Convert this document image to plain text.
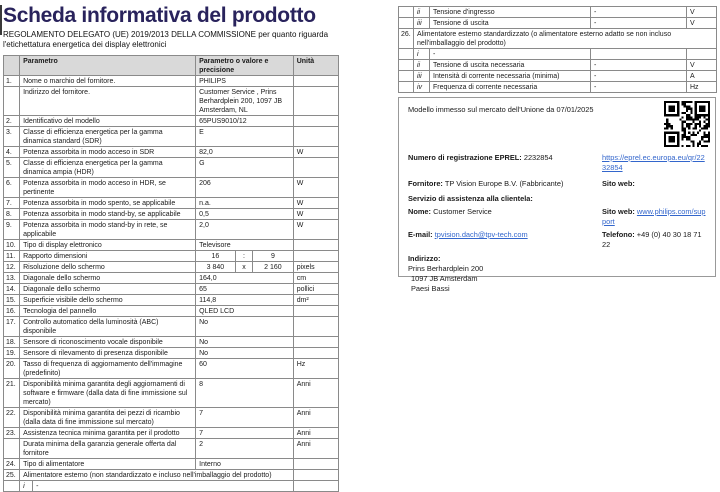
Scheda informativa del prodotto
REGOLAMENTO DELEGATO (UE) 2019/2013 DELLA COMMISSIONE per quanto riguarda l'etichettatura energetica dei display elettronici
	Parametro		Parametro o valore e precisione	Unità
1.	Nome o marchio del fornitore.		PHILIPS	
	Indirizzo del fornitore.		Customer Service , Prins Berhardplein 200, 1097 JB Amsterdam, NL	
2.	Identificativo del modello		65PUS9010/12	
3.	Classe di efficienza energetica per la gamma dinamica standard (SDR)		E	
4.	Potenza assorbita in modo acceso in SDR		82,0	W
5.	Classe di efficienza energetica per la gamma dinamica ampia (HDR)		G	
6.	Potenza assorbita in modo acceso in HDR, se pertinente		206	W
7.	Potenza assorbita in modo spento, se applicabile		n.a.	W
8.	Potenza assorbita in modo stand-by, se applicabile		0,5	W
9.	Potenza assorbita in modo stand-by in rete, se applicabile		2,0	W
10.	Tipo di display elettronico		Televisore	
11.	Rapporto dimensioni		16 : 9	

12.	Risoluzione dello schermo		3 840 x 2 160	pixels
13.	Diagonale dello schermo		164,0	cm
14.	Diagonale dello schermo		65	pollici
15.	Superficie visibile dello schermo		114,8	dm²
16.	Tecnologia del pannello		QLED LCD	
17.	Controllo automatico della luminosità (ABC) disponibile		No	
18.	Sensore di riconoscimento vocale disponibile		No	
19.	Sensore di rilevamento di presenza disponibile		No	
20.	Tasso di frequenza di aggiornamento dell'immagine (predefinito)		60	Hz
21.	Disponibilità minima garantita degli aggiornamenti di software e firmware (dalla data di fine immissione sul mercato)		8	Anni
22.	Disponibilità minima garantita dei pezzi di ricambio (dalla data di fine immissione sul mercato)		7	Anni
23.	Assistenza tecnica minima garantita per il prodotto		7	Anni
	Durata minima della garanzia generale offerta dal fornitore		2	Anni
24.	Tipo di alimentatore		Interno	
25.	Alimentatore esterno (non standardizzato e incluso nell'imballaggio del prodotto)			
	i	-		
	ii	Tensione d'ingresso	-	V
	iii	Tensione di uscita	-	V
26.	Alimentatore esterno standardizzato (o alimentatore esterno adatto se non incluso nell'imballaggio del prodotto)			
	i	-		
	ii	Tensione di uscita necessaria	-	V
	iii	Intensità di corrente necessaria (minima)	-	A
	iv	Frequenza di corrente necessaria	-	Hz
Modello immesso sul mercato dell'Unione da 07/01/2025
Numero di registrazione EPREL: 2232854	https://eprel.ec.europa.eu/qr/2232854
Fornitore: TP Vision Europe B.V. (Fabbricante)	Sito web:
Servizio di assistenza alla clientela:
Nome: Customer Service	Sito web: www.philips.com/support
E-mail: tpvision.dach@tpv-tech.com	Telefono: +49 (0) 40 30 18 71 22
Indirizzo:
Prins Berhardplein 200
1097 JB Amsterdam
Paesi Bassi
